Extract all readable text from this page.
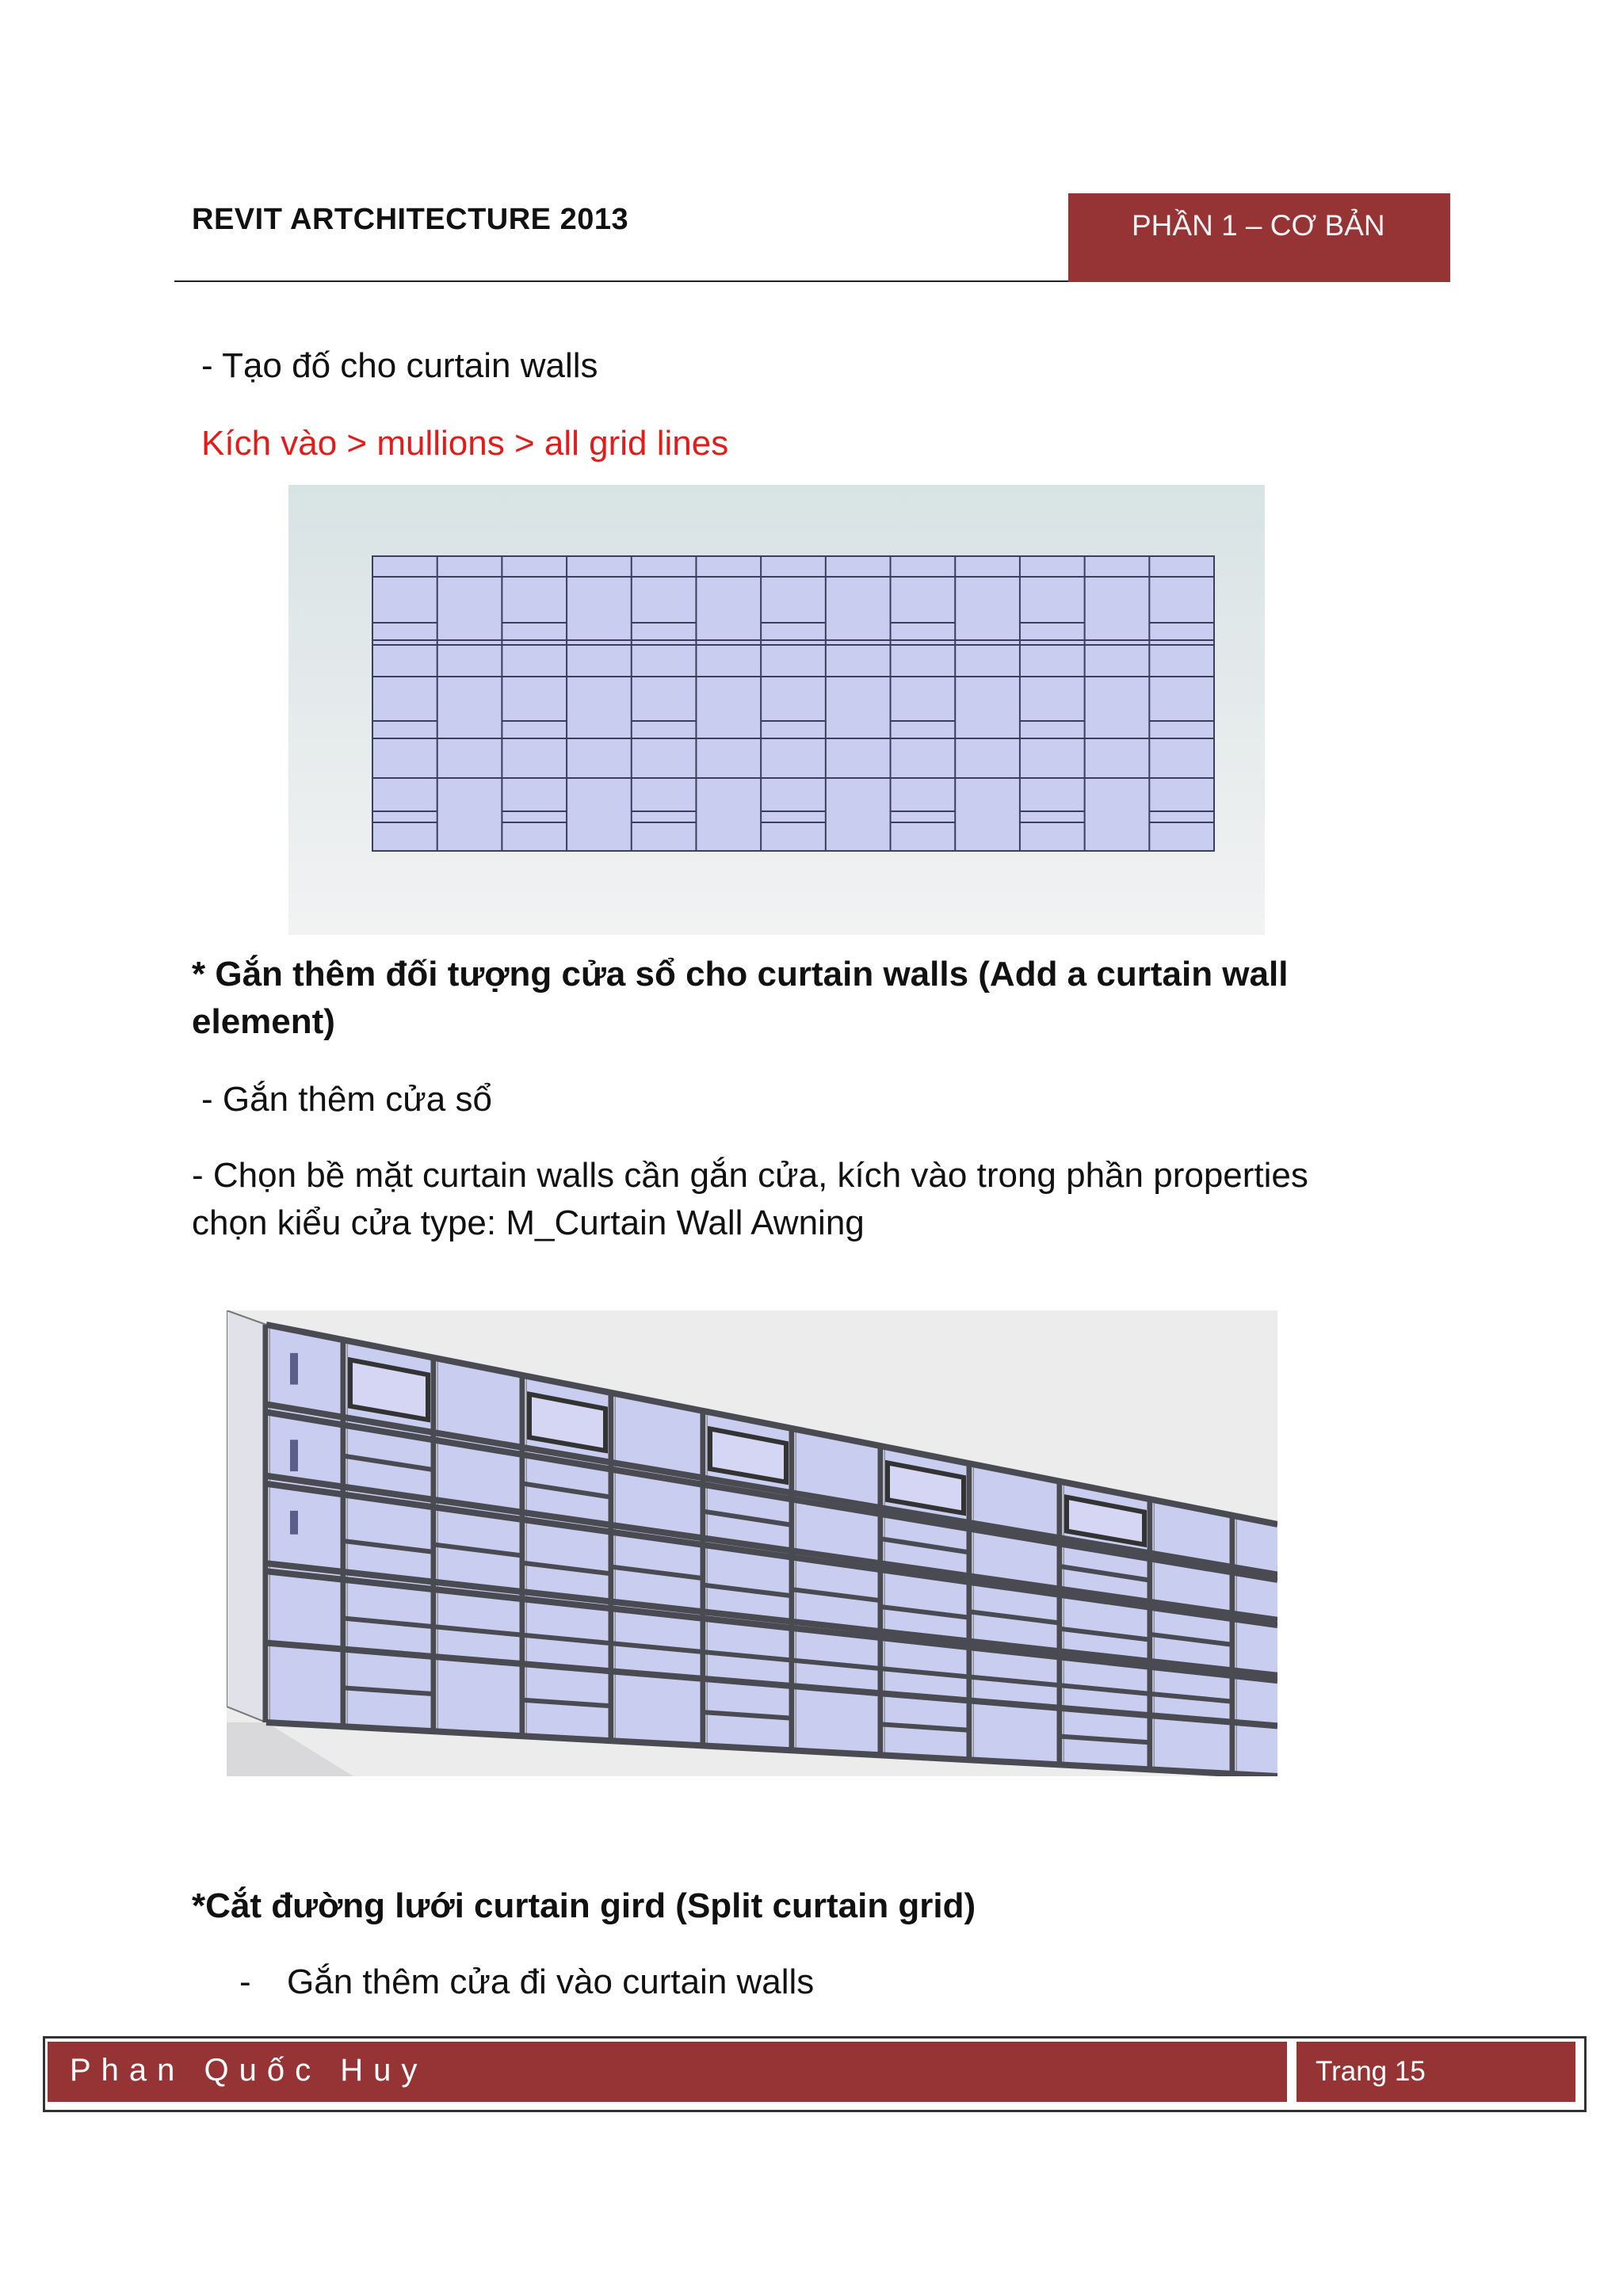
REVIT ARTCHITECTURE 2013	PHẦN 1 – CƠ BẢN
- Tạo đố cho curtain walls
Kích vào > mullions > all grid lines
* Gắn thêm đối tượng cửa sổ cho curtain walls (Add a curtain wall
element)
- Gắn thêm cửa sổ
- Chọn bề mặt curtain walls cần gắn cửa, kích vào trong phần properties
chọn kiểu cửa type: M_Curtain Wall Awning
*Cắt đường lưới curtain gird (Split curtain grid)
- Gắn thêm cửa đi vào curtain walls
Phan Quốc Huy	Trang 15
